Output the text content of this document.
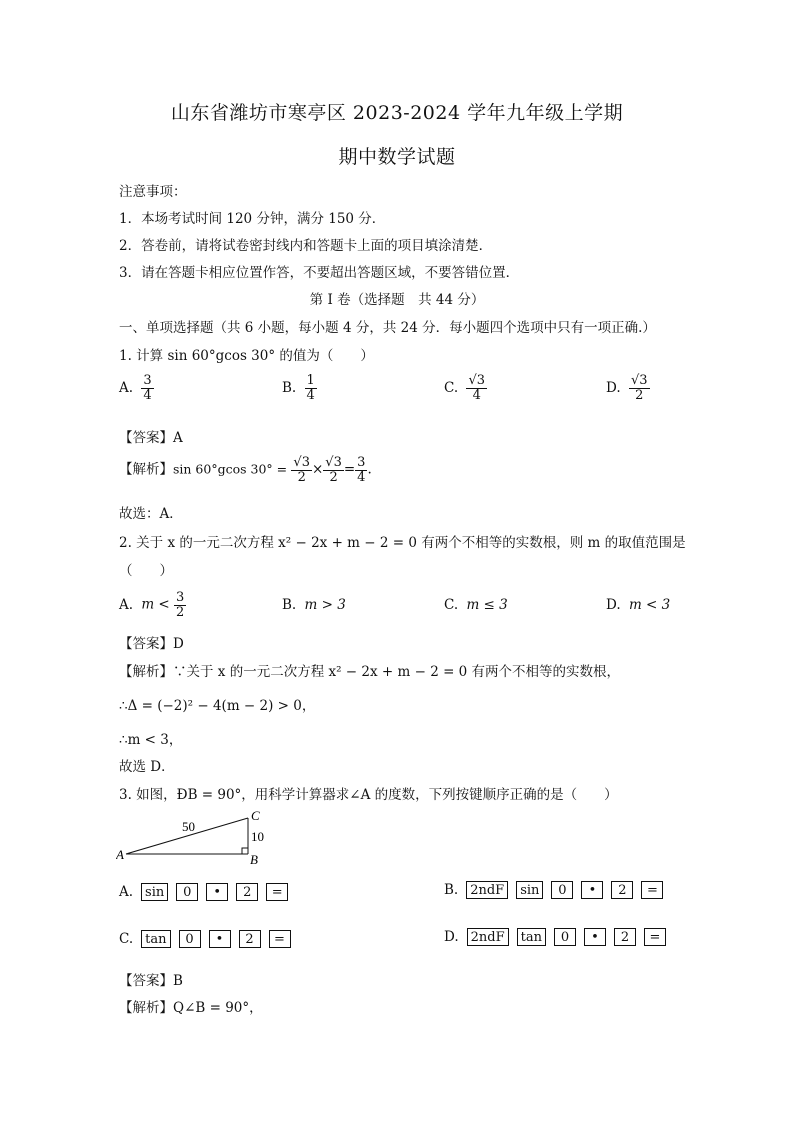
山东省潍坊市寒亭区 2023-2024 学年九年级上学期
期中数学试题
注意事项：
1．本场考试时间 120 分钟，满分 150 分．
2．答卷前，请将试卷密封线内和答题卡上面的项目填涂清楚．
3．请在答题卡相应位置作答，不要超出答题区域，不要答错位置．
第 I 卷（选择题　共 44 分）
一、单项选择题（共 6 小题，每小题 4 分，共 24 分．每小题四个选项中只有一项正确.）
1. 计算 sin 60°gcos 30° 的值为（　　）
A. $\frac{3}{4}$	B. $\frac{1}{4}$	C. $\frac{√3}{4}$	D. $\frac{√3}{2}$
【答案】A
【解析】sin 60°gcos $30^\circ = \frac{√3}{2} \times \frac{√3}{2} = \frac{3}{4}$ .
故选：A．
2. 关于 x 的一元二次方程 x² − 2x + m − 2 = 0 有两个不相等的实数根，则 m 的取值范围是
（　　）
A. $m < \frac{3}{2}$	B. m > 3	C. m ≤ 3	D. m < 3
【答案】D
【解析】∵关于 x 的一元二次方程 x² − 2x + m − 2 = 0 有两个不相等的实数根，
∴Δ = (−2)² − 4(m − 2) > 0，
∴m < 3，
故选 D．
3. 如图，ÐB = 90°，用科学计算器求∠A 的度数，下列按键顺序正确的是（　　）
A	B
C
50
10
A. sin	0	•	2	=	B. 2ndF	sin	0	•	2	=
C. tan	0	•	2	=	D. 2ndF	tan	0	•	2	=
【答案】B
【解析】Q∠B = 90°，
